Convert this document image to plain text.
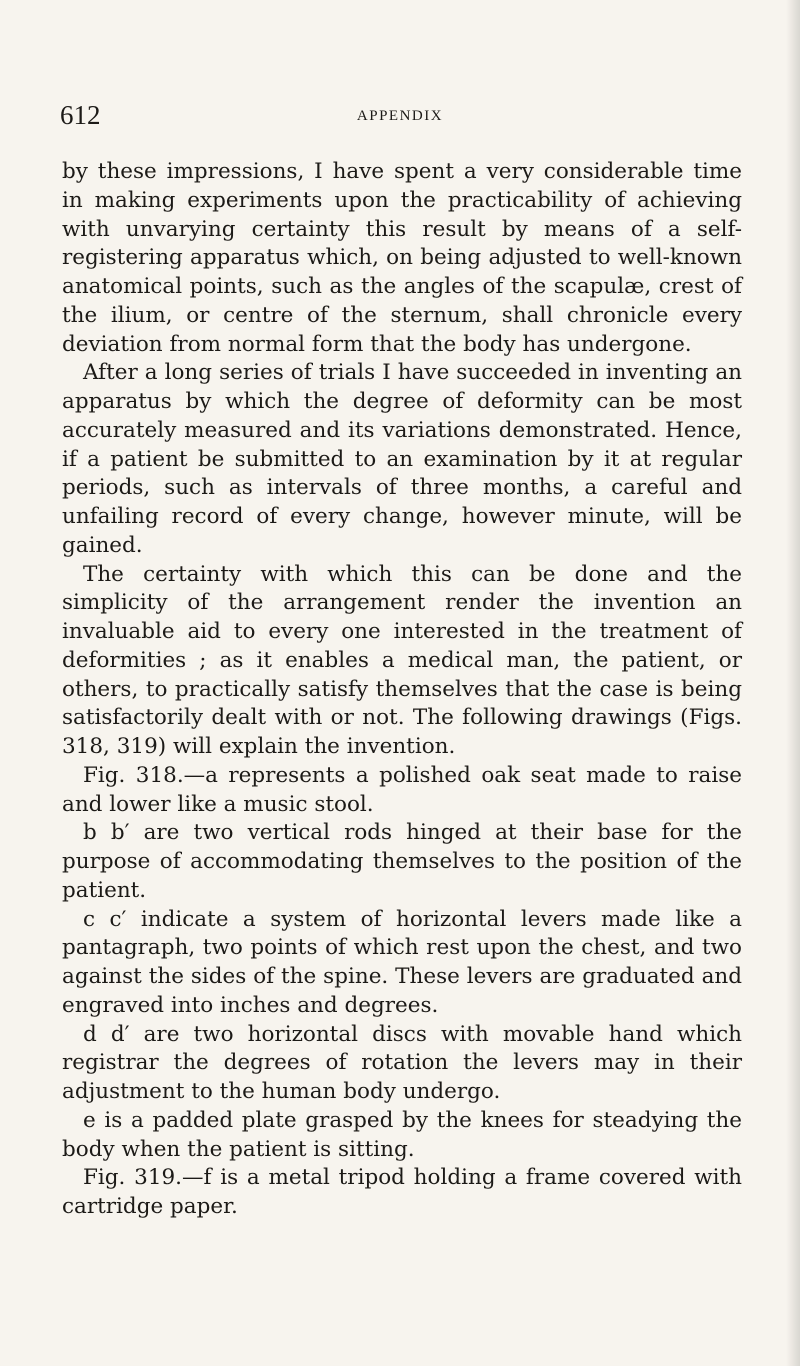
612	APPENDIX

by these impressions, I have spent a very considerable time in making experiments upon the practicability of achieving with unvarying certainty this result by means of a self-registering apparatus which, on being adjusted to well-known anatomical points, such as the angles of the scapulæ, crest of the ilium, or centre of the sternum, shall chronicle every deviation from normal form that the body has undergone.

After a long series of trials I have succeeded in inventing an apparatus by which the degree of deformity can be most accurately measured and its variations demonstrated. Hence, if a patient be submitted to an examination by it at regular periods, such as intervals of three months, a careful and unfailing record of every change, however minute, will be gained.

The certainty with which this can be done and the simplicity of the arrangement render the invention an invaluable aid to every one interested in the treatment of deformities ; as it enables a medical man, the patient, or others, to practically satisfy themselves that the case is being satisfactorily dealt with or not. The following drawings (Figs. 318, 319) will explain the invention.

Fig. 318.—a represents a polished oak seat made to raise and lower like a music stool.

b b′ are two vertical rods hinged at their base for the purpose of accommodating themselves to the position of the patient.

c c′ indicate a system of horizontal levers made like a pantagraph, two points of which rest upon the chest, and two against the sides of the spine. These levers are graduated and engraved into inches and degrees.

d d′ are two horizontal discs with movable hand which registrar the degrees of rotation the levers may in their adjustment to the human body undergo.

e is a padded plate grasped by the knees for steadying the body when the patient is sitting.

Fig. 319.—f is a metal tripod holding a frame covered with cartridge paper.
